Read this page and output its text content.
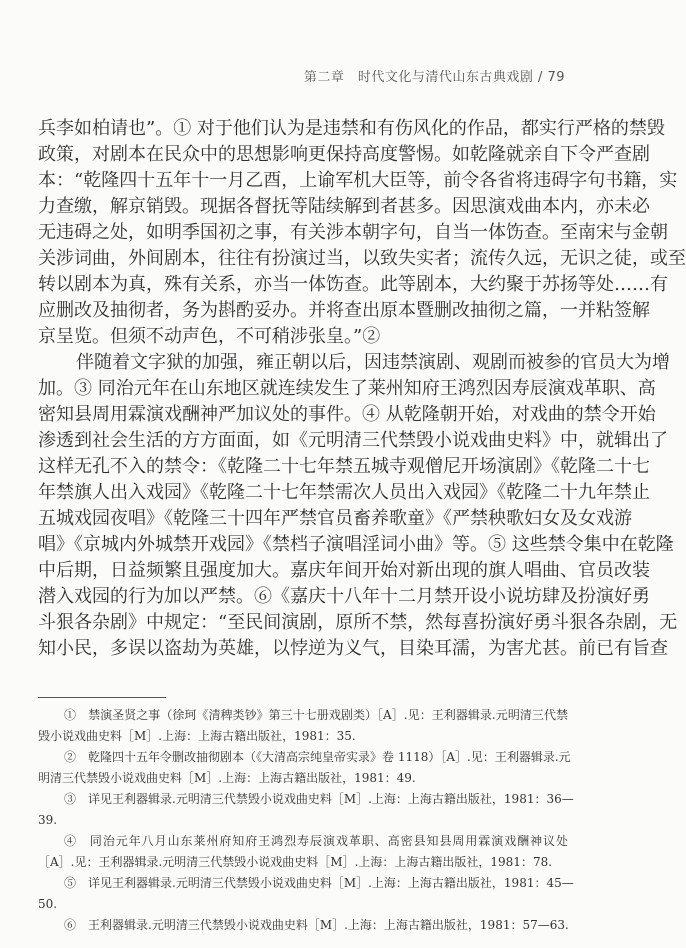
第二章　时代文化与清代山东古典戏剧 / 79
兵李如柏请也”。① 对于他们认为是违禁和有伤风化的作品，都实行严格的禁毁
政策，对剧本在民众中的思想影响更保持高度警惕。如乾隆就亲自下令严查剧
本：“乾隆四十五年十一月乙酉，上谕军机大臣等，前令各省将违碍字句书籍，实
力查缴，解京销毁。现据各督抚等陆续解到者甚多。因思演戏曲本内，亦未必
无违碍之处，如明季国初之事，有关涉本朝字句，自当一体饬查。至南宋与金朝
关涉词曲，外间剧本，往往有扮演过当，以致失实者；流传久远，无识之徒，或至
转以剧本为真，殊有关系，亦当一体饬查。此等剧本，大约聚于苏扬等处……有
应删改及抽彻者，务为斟酌妥办。并将查出原本暨删改抽彻之篇，一并粘签解
京呈览。但须不动声色，不可稍涉张皇。”②
伴随着文字狱的加强，雍正朝以后，因违禁演剧、观剧而被参的官员大为增
加。③ 同治元年在山东地区就连续发生了莱州知府王鸿烈因寿辰演戏革职、高
密知县周用霖演戏酬神严加议处的事件。④ 从乾隆朝开始，对戏曲的禁令开始
渗透到社会生活的方方面面，如《元明清三代禁毁小说戏曲史料》中，就辑出了
这样无孔不入的禁令：《乾隆二十七年禁五城寺观僧尼开场演剧》《乾隆二十七
年禁旗人出入戏园》《乾隆二十七年禁需次人员出入戏园》《乾隆二十九年禁止
五城戏园夜唱》《乾隆三十四年严禁官员畜养歌童》《严禁秧歌妇女及女戏游
唱》《京城内外城禁开戏园》《禁档子演唱淫词小曲》等。⑤ 这些禁令集中在乾隆
中后期，日益频繁且强度加大。嘉庆年间开始对新出现的旗人唱曲、官员改装
潜入戏园的行为加以严禁。⑥《嘉庆十八年十二月禁开设小说坊肆及扮演好勇
斗狠各杂剧》中规定：“至民间演剧，原所不禁，然每喜扮演好勇斗狠各杂剧，无
知小民，多误以盗劫为英雄，以悖逆为义气，目染耳濡，为害尤甚。前已有旨查
①　禁演圣贤之事（徐珂《清稗类钞》第三十七册戏剧类）［A］.见：王利器辑录.元明清三代禁
毁小说戏曲史料［M］.上海：上海古籍出版社，1981：35.
②　乾隆四十五年令删改抽彻剧本（《大清高宗纯皇帝实录》卷 1118）［A］.见：王利器辑录.元
明清三代禁毁小说戏曲史料［M］.上海：上海古籍出版社，1981：49.
③　详见王利器辑录.元明清三代禁毁小说戏曲史料［M］.上海：上海古籍出版社，1981：36—
39.
④　同治元年八月山东莱州府知府王鸿烈寿辰演戏革职、高密县知县周用霖演戏酬神议处
［A］.见：王利器辑录.元明清三代禁毁小说戏曲史料［M］.上海：上海古籍出版社，1981：78.
⑤　详见王利器辑录.元明清三代禁毁小说戏曲史料［M］.上海：上海古籍出版社，1981：45—
50.
⑥　王利器辑录.元明清三代禁毁小说戏曲史料［M］.上海：上海古籍出版社，1981：57—63.
